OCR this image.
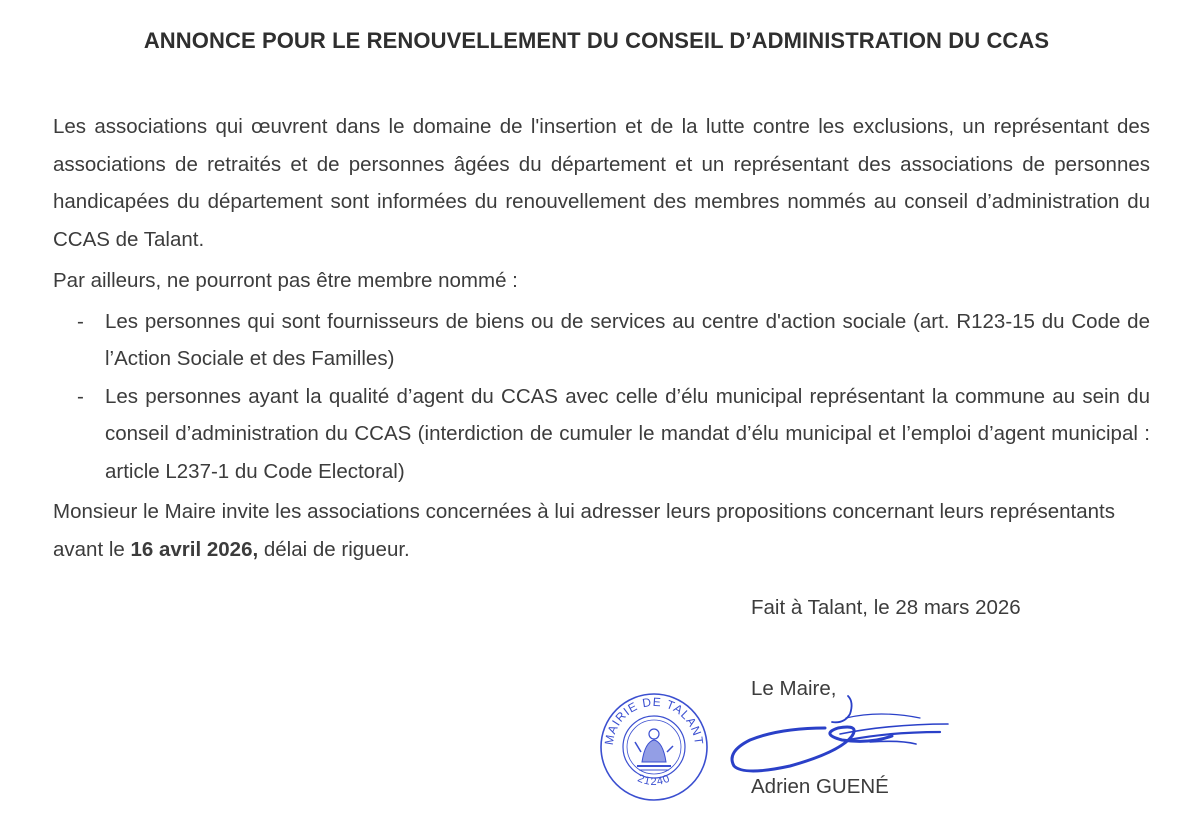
ANNONCE POUR LE RENOUVELLEMENT DU CONSEIL D’ADMINISTRATION DU CCAS

Les associations qui œuvrent dans le domaine de l'insertion et de la lutte contre les exclusions, un représentant des associations de retraités et de personnes âgées du département et un représentant des associations de personnes handicapées du département sont informées du renouvellement des membres nommés au conseil d’administration du CCAS de Talant.

Par ailleurs, ne pourront pas être membre nommé :

- Les personnes qui sont fournisseurs de biens ou de services au centre d'action sociale (art. R123-15 du Code de l’Action Sociale et des Familles)
- Les personnes ayant la qualité d’agent du CCAS avec celle d’élu municipal représentant la commune au sein du conseil d’administration du CCAS (interdiction de cumuler le mandat d’élu municipal et l’emploi d’agent municipal : article L237-1 du Code Electoral)

Monsieur le Maire invite les associations concernées à lui adresser leurs propositions concernant leurs représentants avant le 16 avril 2026, délai de rigueur.

Fait à Talant, le 28 mars 2026
Le Maire,
MAIRIE DE TALANT
21240	Adrien GUENÉ
